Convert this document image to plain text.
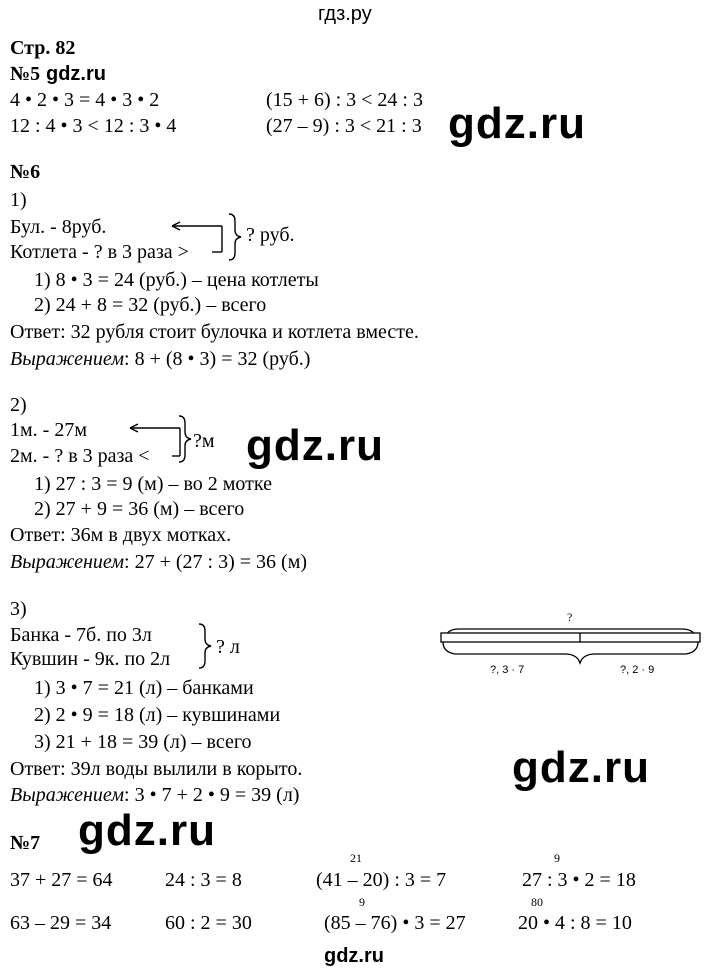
гдз.ру
Стр. 82
№5 gdz.ru
4 • 2 • 3 = 4 • 3 • 2	(15 + 6) : 3 < 24 : 3
12 : 4 • 3 < 12 : 3 • 4	(27 – 9) : 3 < 21 : 3 gdz.ru
№6
1)
Бул. - 8руб.
Котлета - ? в 3 раза >
? руб.
1) 8 • 3 = 24 (руб.) – цена котлеты
2) 24 + 8 = 32 (руб.) – всего
Ответ: 32 рубля стоит булочка и котлета вместе.
Выражением: 8 + (8 • 3) = 32 (руб.)
2)
1м. - 27м
2м. - ? в 3 раза <
?м gdz.ru
1) 27 : 3 = 9 (м) – во 2 мотке
2) 27 + 9 = 36 (м) – всего
Ответ: 36м в двух мотках.
Выражением: 27 + (27 : 3) = 36 (м)
3)
Банка - 7б. по 3л
Кувшин - 9к. по 2л
? л
?
?, 3 · 7	?, 2 · 9
1) 3 • 7 = 21 (л) – банками
2) 2 • 9 = 18 (л) – кувшинами
3) 21 + 18 = 39 (л) – всего
Ответ: 39л воды вылили в корыто.	gdz.ru
Выражением: 3 • 7 + 2 • 9 = 39 (л)
№7 gdz.ru
21	9
37 + 27 = 64	24 : 3 = 8	(41 – 20) : 3 = 7	27 : 3 • 2 = 18
9	80
63 – 29 = 34	60 : 2 = 30	(85 – 76) • 3 = 27	20 • 4 : 8 = 10
gdz.ru
